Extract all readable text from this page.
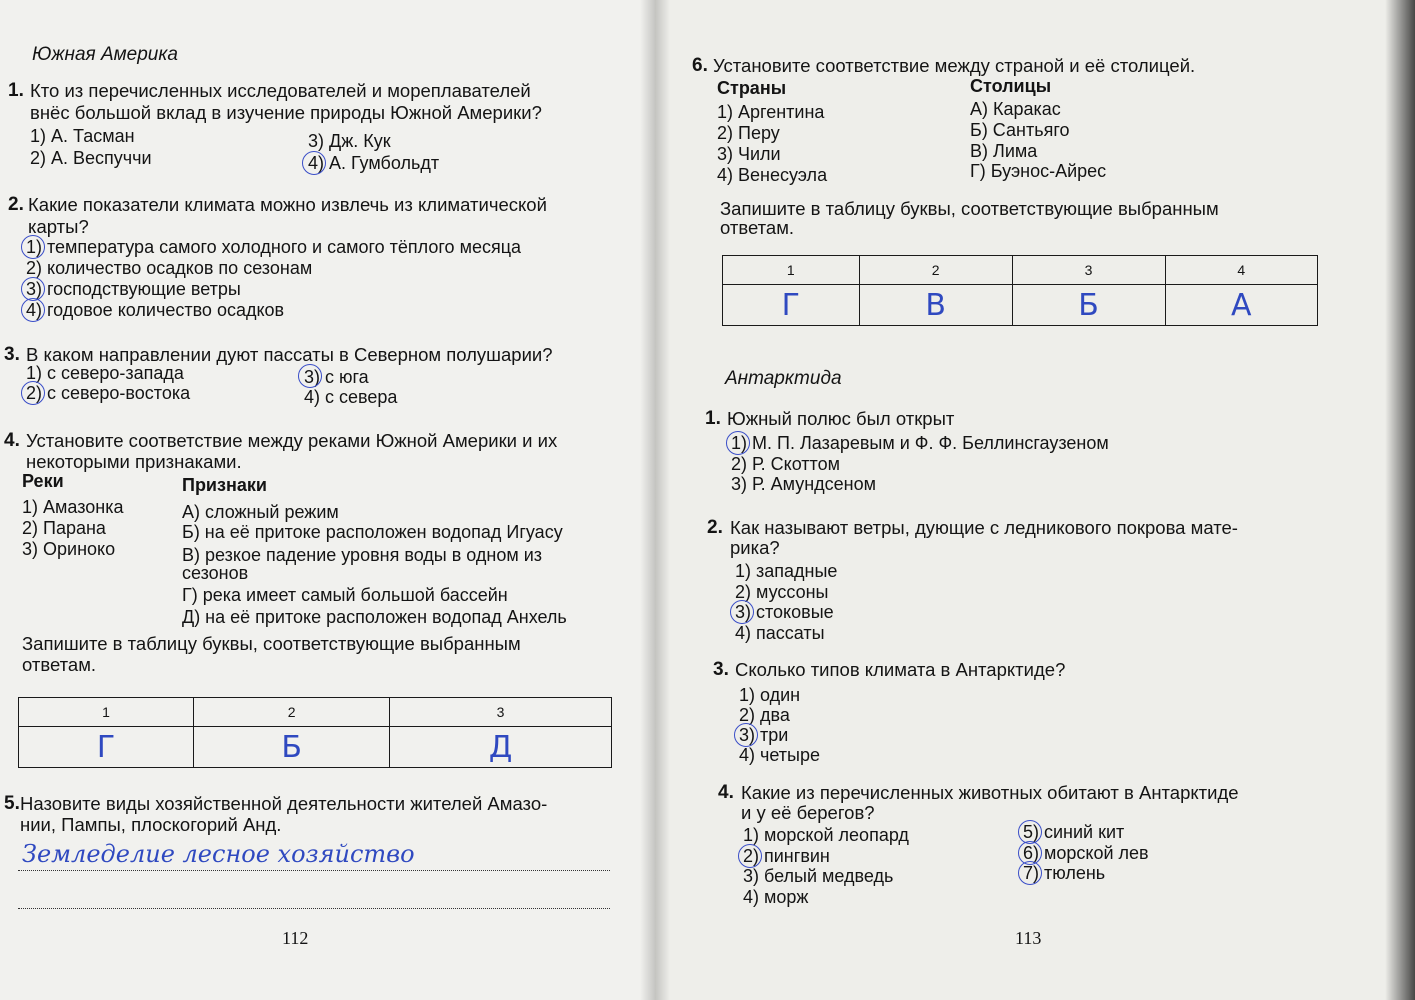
Южная Америка
1. Кто из перечисленных исследователей и мореплавателей
внёс большой вклад в изучение природы Южной Америки?
1) А. Тасман
2) А. Веспуччи
3) Дж. Кук
4) А. Гумбольдт
2. Какие показатели климата можно извлечь из климатической
карты?
1) температура самого холодного и самого тёплого месяца
2) количество осадков по сезонам
3) господствующие ветры
4) годовое количество осадков
3. В каком направлении дуют пассаты в Северном полушарии?
1) с северо-запада
2) с северо-востока
3) с юга
4) с севера
4. Установите соответствие между реками Южной Америки и их
некоторыми признаками.
Реки	Признаки
1) Амазонка
2) Парана
3) Ориноко
А) сложный режим
Б) на её притоке расположен водопад Игуасу
В) резкое падение уровня воды в одном из
сезонов
Г) река имеет самый большой бассейн
Д) на её притоке расположен водопад Анхель
Запишите в таблицу буквы, соответствующие выбранным
ответам.
1	2	3
Г	Б	Д
5. Назовите виды хозяйственной деятельности жителей Амазо-
нии, Пампы, плоскогорий Анд.
Земледелие лесное хозяйство
112
6. Установите соответствие между страной и её столицей.
Страны	Столицы
1) Аргентина
2) Перу
3) Чили
4) Венесуэла
А) Каракас
Б) Сантьяго
В) Лима
Г) Буэнос-Айрес
Запишите в таблицу буквы, соответствующие выбранным
ответам.
1	2	3	4
Г	В	Б	А
Антарктида
1. Южный полюс был открыт
1) М. П. Лазаревым и Ф. Ф. Беллинсгаузеном
2) Р. Скоттом
3) Р. Амундсеном
2. Как называют ветры, дующие с ледникового покрова мате-
рика?
1) западные
2) муссоны
3) стоковые
4) пассаты
3. Сколько типов климата в Антарктиде?
1) один
2) два
3) три
4) четыре
4. Какие из перечисленных животных обитают в Антарктиде
и у её берегов?
1) морской леопард
2) пингвин
3) белый медведь
4) морж
5) синий кит
6) морской лев
7) тюлень
113
